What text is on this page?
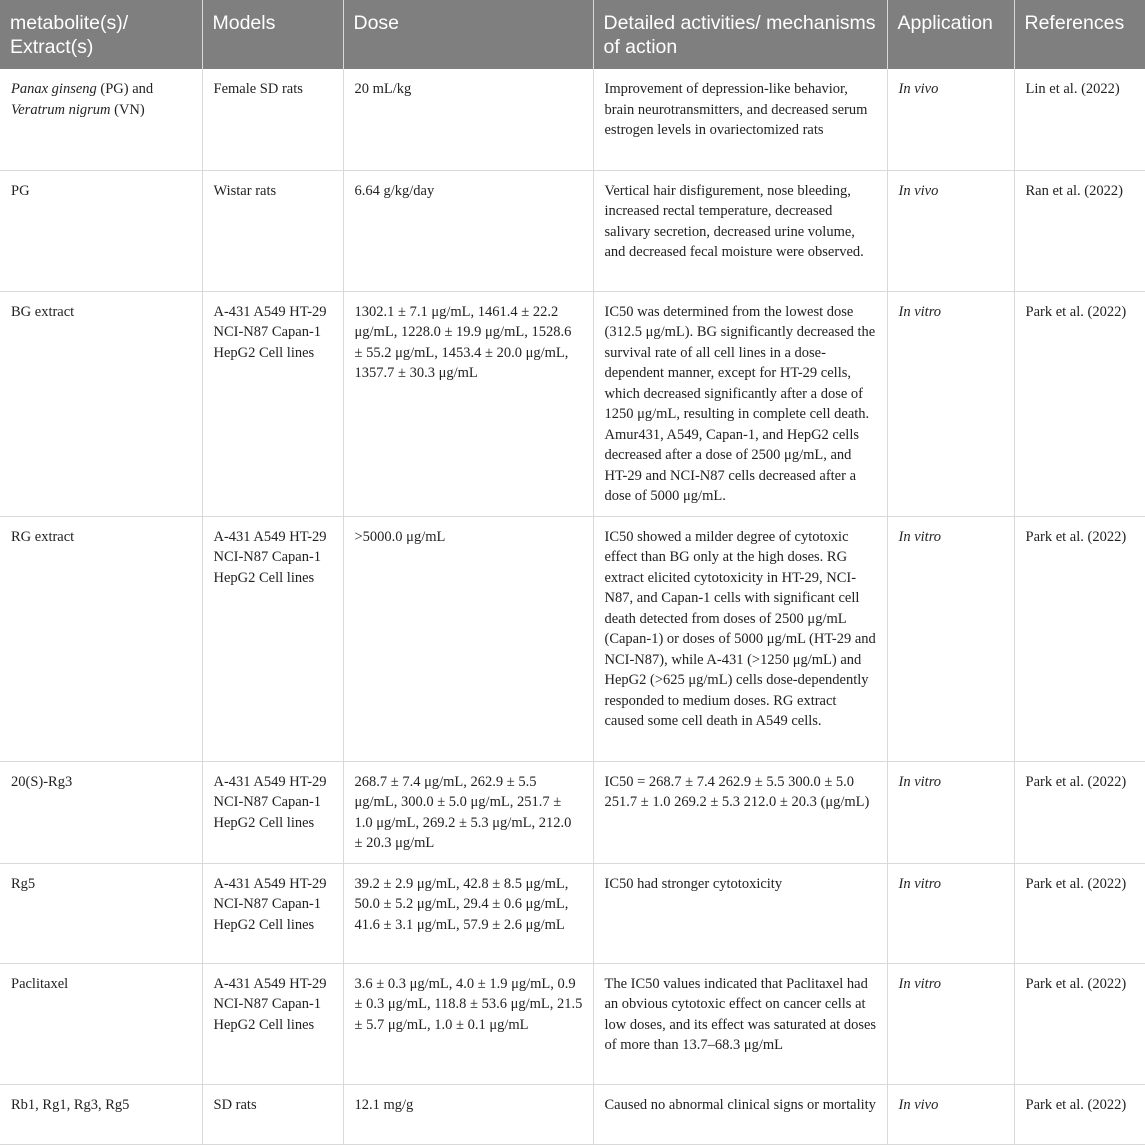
metabolite(s)/ Extract(s)	Models	Dose	Detailed activities/ mechanisms of action	Application	References
Panax ginseng (PG) and Veratrum nigrum (VN)	Female SD rats	20 mL/kg	Improvement of depression-like behavior, brain neurotransmitters, and decreased serum estrogen levels in ovariectomized rats	In vivo	Lin et al. (2022)
PG	Wistar rats	6.64 g/kg/day	Vertical hair disfigurement, nose bleeding, increased rectal temperature, decreased salivary secretion, decreased urine volume, and decreased fecal moisture were observed.	In vivo	Ran et al. (2022)
BG extract	A-431 A549 HT-29 NCI-N87 Capan-1 HepG2 Cell lines	1302.1 ± 7.1 μg/mL, 1461.4 ± 22.2 μg/mL, 1228.0 ± 19.9 μg/mL, 1528.6 ± 55.2 μg/mL, 1453.4 ± 20.0 μg/mL, 1357.7 ± 30.3 μg/mL	IC50 was determined from the lowest dose (312.5 μg/mL). BG significantly decreased the survival rate of all cell lines in a dose-dependent manner, except for HT-29 cells, which decreased significantly after a dose of 1250 μg/mL, resulting in complete cell death. Amur431, A549, Capan-1, and HepG2 cells decreased after a dose of 2500 μg/mL, and HT-29 and NCI-N87 cells decreased after a dose of 5000 μg/mL.	In vitro	Park et al. (2022)
RG extract	A-431 A549 HT-29 NCI-N87 Capan-1 HepG2 Cell lines	>5000.0 μg/mL	IC50 showed a milder degree of cytotoxic effect than BG only at the high doses. RG extract elicited cytotoxicity in HT-29, NCI-N87, and Capan-1 cells with significant cell death detected from doses of 2500 μg/mL (Capan-1) or doses of 5000 μg/mL (HT-29 and NCI-N87), while A-431 (>1250 μg/mL) and HepG2 (>625 μg/mL) cells dose-dependently responded to medium doses. RG extract caused some cell death in A549 cells.	In vitro	Park et al. (2022)
20(S)-Rg3	A-431 A549 HT-29 NCI-N87 Capan-1 HepG2 Cell lines	268.7 ± 7.4 μg/mL, 262.9 ± 5.5 μg/mL, 300.0 ± 5.0 μg/mL, 251.7 ± 1.0 μg/mL, 269.2 ± 5.3 μg/mL, 212.0 ± 20.3 μg/mL	IC50 = 268.7 ± 7.4 262.9 ± 5.5 300.0 ± 5.0 251.7 ± 1.0 269.2 ± 5.3 212.0 ± 20.3 (μg/mL)	In vitro	Park et al. (2022)
Rg5	A-431 A549 HT-29 NCI-N87 Capan-1 HepG2 Cell lines	39.2 ± 2.9 μg/mL, 42.8 ± 8.5 μg/mL, 50.0 ± 5.2 μg/mL, 29.4 ± 0.6 μg/mL, 41.6 ± 3.1 μg/mL, 57.9 ± 2.6 μg/mL	IC50 had stronger cytotoxicity	In vitro	Park et al. (2022)
Paclitaxel	A-431 A549 HT-29 NCI-N87 Capan-1 HepG2 Cell lines	3.6 ± 0.3 μg/mL, 4.0 ± 1.9 μg/mL, 0.9 ± 0.3 μg/mL, 118.8 ± 53.6 μg/mL, 21.5 ± 5.7 μg/mL, 1.0 ± 0.1 μg/mL	The IC50 values indicated that Paclitaxel had an obvious cytotoxic effect on cancer cells at low doses, and its effect was saturated at doses of more than 13.7–68.3 μg/mL	In vitro	Park et al. (2022)
Rb1, Rg1, Rg3, Rg5	SD rats	12.1 mg/g	Caused no abnormal clinical signs or mortality	In vivo	Park et al. (2022)
